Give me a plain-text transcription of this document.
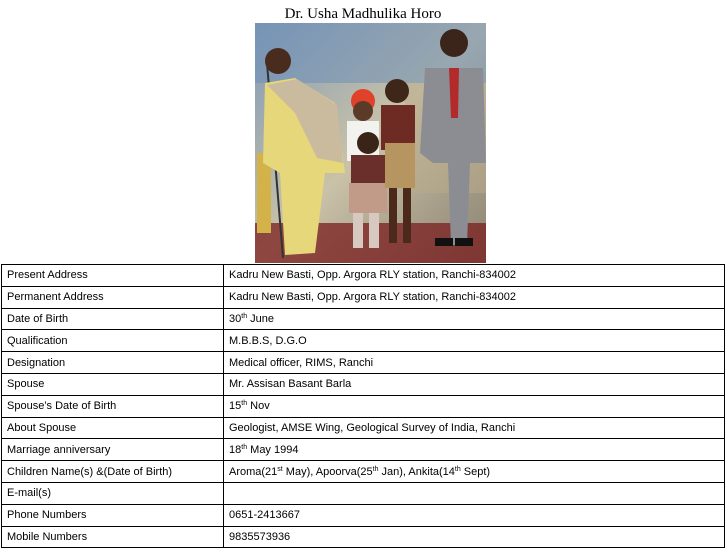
Dr. Usha Madhulika Horo
Present Address	Kadru New Basti, Opp. Argora RLY station, Ranchi-834002
Permanent Address	Kadru New Basti, Opp. Argora RLY station, Ranchi-834002
Date of Birth	30th June
Qualification	M.B.B.S, D.G.O
Designation	Medical officer, RIMS, Ranchi
Spouse	Mr. Assisan Basant Barla
Spouse’s Date of Birth	15th Nov
About Spouse	Geologist, AMSE Wing, Geological Survey of India, Ranchi
Marriage anniversary	18th May 1994
Children Name(s) &(Date of Birth)	Aroma(21st May), Apoorva(25th Jan), Ankita(14th Sept)
E-mail(s)	
Phone Numbers	0651-2413667
Mobile Numbers	9835573936
